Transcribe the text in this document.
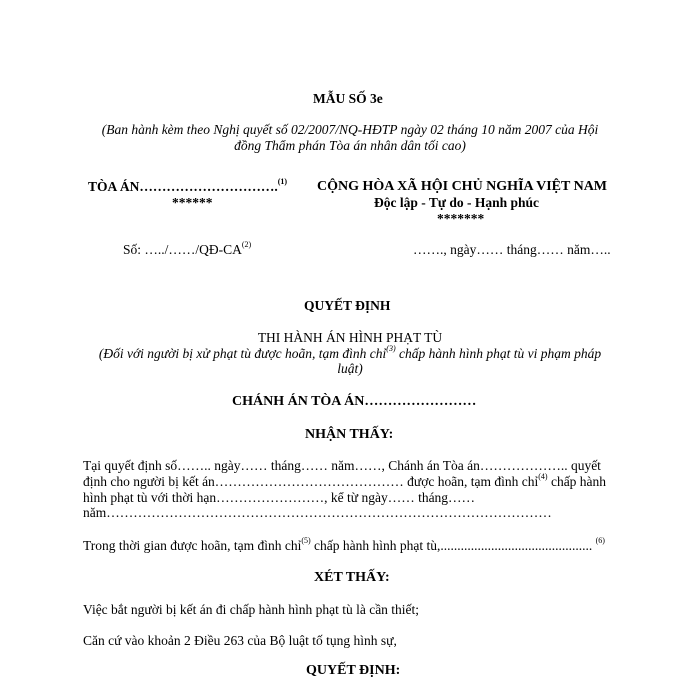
MẪU SỐ 3e
(Ban hành kèm theo Nghị quyết số 02/2007/NQ-HĐTP ngày 02 tháng 10 năm 2007 của Hội
đồng Thẩm phán Tòa án nhân dân tối cao)
TÒA ÁN………………………….$^{(1)}$
******
CỘNG HÒA XÃ HỘI CHỦ NGHĨA VIỆT NAM
Độc lập - Tự do - Hạnh phúc
*******
Số: …../……/QĐ-CA$^{(2)}$	……., ngày…… tháng…… năm…..
QUYẾT ĐỊNH
THI HÀNH ÁN HÌNH PHẠT TÙ
(Đối với người bị xử phạt tù được hoãn, tạm đình chỉ$^{(3)}$ chấp hành hình phạt tù vi phạm pháp
luật)
CHÁNH ÁN TÒA ÁN……………………
NHẬN THẤY:
Tại quyết định số…….. ngày…… tháng…… năm……, Chánh án Tòa án……………….. quyết
định cho người bị kết án…………………………………… được hoãn, tạm đình chỉ$^{(4)}$ chấp hành
hình phạt tù với thời hạn……………………, kể từ ngày…… tháng……
năm………………………………………………………………………………………
Trong thời gian được hoãn, tạm đình chỉ$^{(5)}$ chấp hành hình phạt tù,............................................. $^{(6)}$
XÉT THẤY:
Việc bắt người bị kết án đi chấp hành hình phạt tù là cần thiết;
Căn cứ vào khoản 2 Điều 263 của Bộ luật tố tụng hình sự,
QUYẾT ĐỊNH:
